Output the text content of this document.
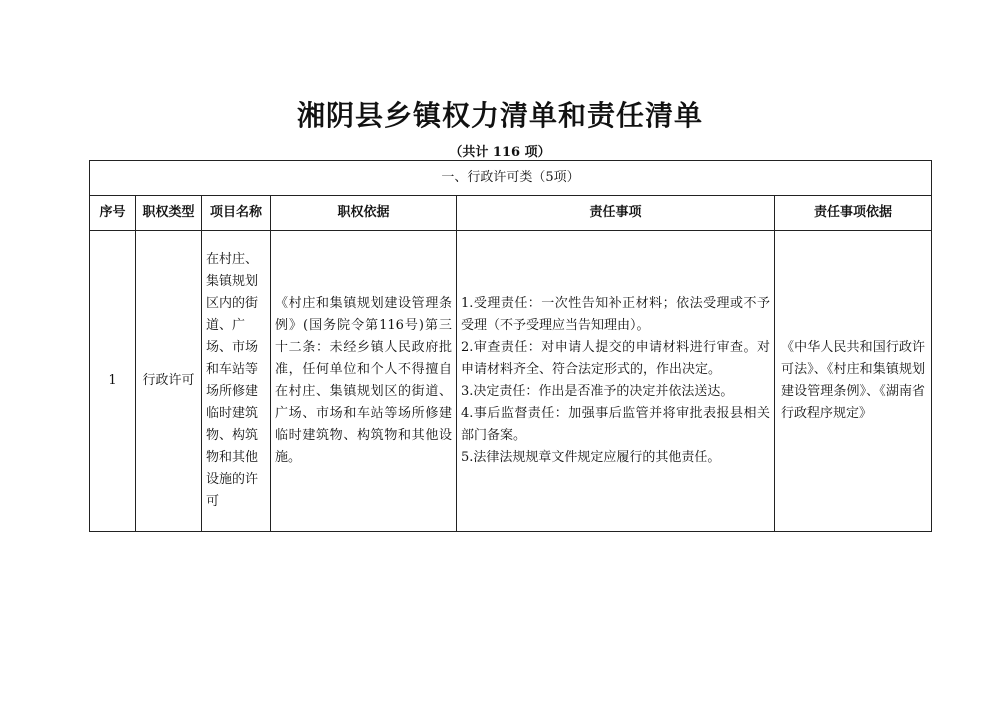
湘阴县乡镇权力清单和责任清单
（共计 116 项）
一、行政许可类（5项）					
序号	职权类型	项目名称	职权依据	责任事项	责任事项依据
1	行政许可	在村庄、集镇规划区内的街道、广场、市场和车站等场所修建临时建筑物、构筑物和其他设施的许可	《村庄和集镇规划建设管理条例》(国务院令第116号)第三十二条：未经乡镇人民政府批准，任何单位和个人不得擅自在村庄、集镇规划区的街道、广场、市场和车站等场所修建临时建筑物、构筑物和其他设施。	1.受理责任：一次性告知补正材料；依法受理或不予受理（不予受理应当告知理由）。
2.审查责任：对申请人提交的申请材料进行审查。对申请材料齐全、符合法定形式的，作出决定。
3.决定责任：作出是否准予的决定并依法送达。
4.事后监督责任：加强事后监管并将审批表报县相关部门备案。
5.法律法规规章文件规定应履行的其他责任。	《中华人民共和国行政许可法》、《村庄和集镇规划建设管理条例》、《湖南省行政程序规定》
